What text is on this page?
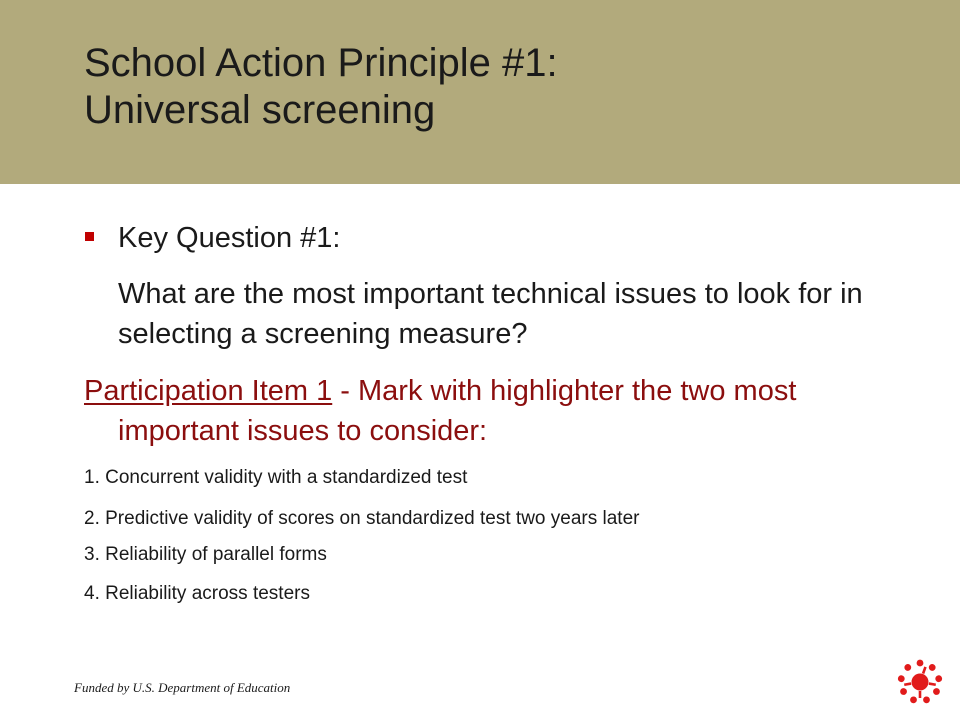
School Action Principle #1:
Universal screening
Key Question #1:
What are the most important technical issues to look for in selecting a screening measure?
Participation Item 1 - Mark with highlighter the two most important issues to consider:
1. Concurrent validity with a standardized test
2. Predictive validity of scores on standardized test two years later
3. Reliability of parallel forms
4. Reliability across testers
Funded by U.S. Department of Education
